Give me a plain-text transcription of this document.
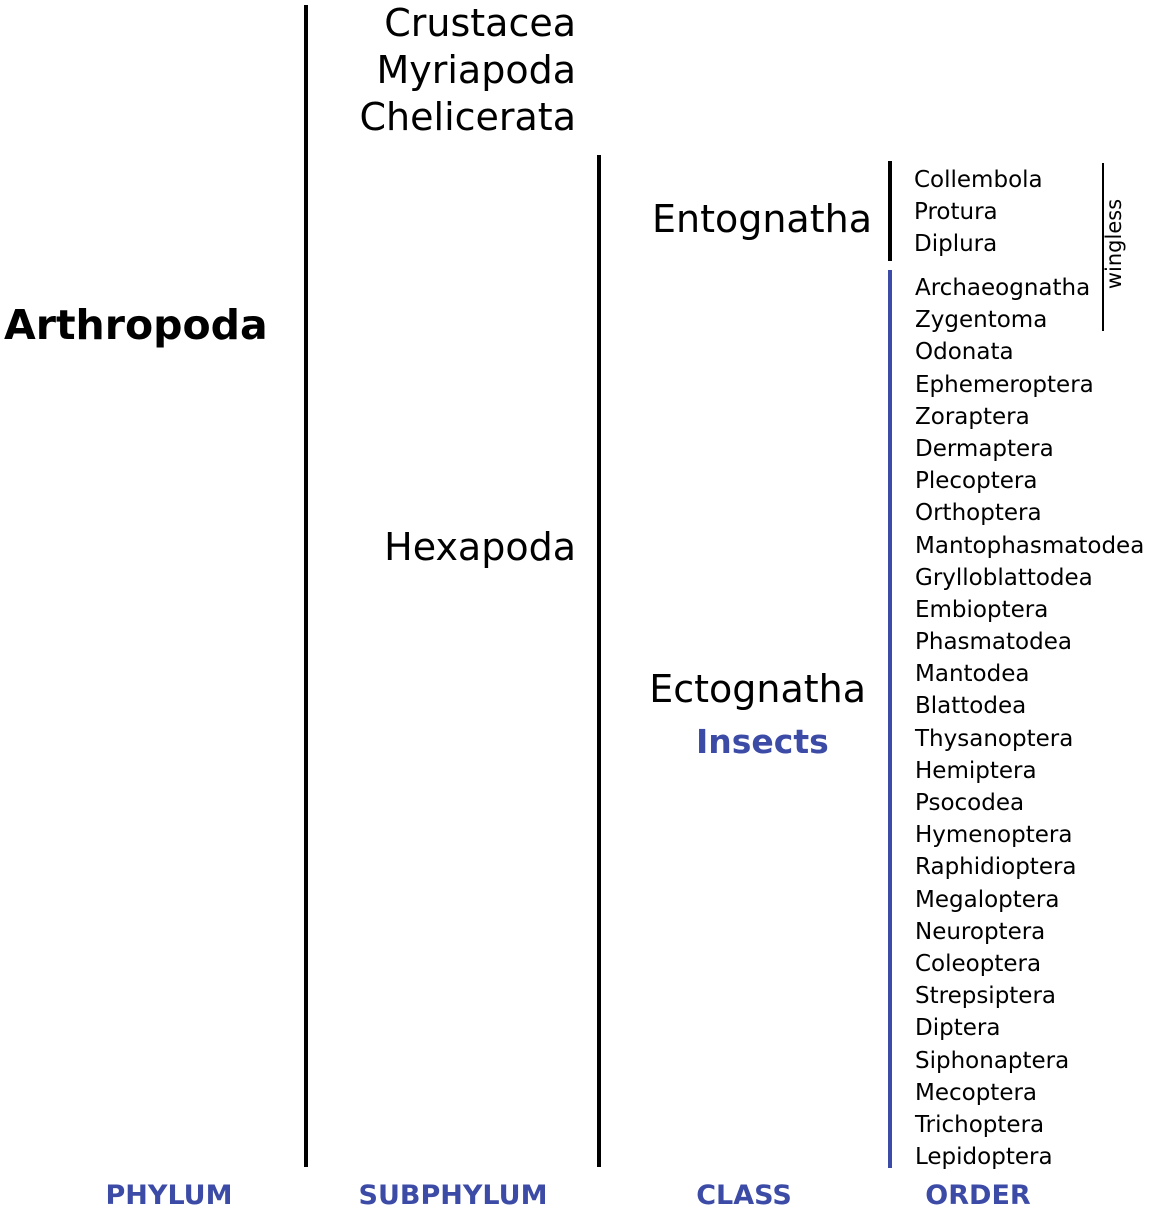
Arthropoda
Crustacea
Myriapoda
Chelicerata
Hexapoda
Entognatha
Ectognatha
Insects
Collembola
Protura
Diplura
Archaeognatha
Zygentoma
Odonata
Ephemeroptera
Zoraptera
Dermaptera
Plecoptera
Orthoptera
Mantophasmatodea
Grylloblattodea
Embioptera
Phasmatodea
Mantodea
Blattodea
Thysanoptera
Hemiptera
Psocodea
Hymenoptera
Raphidioptera
Megaloptera
Neuroptera
Coleoptera
Strepsiptera
Diptera
Siphonaptera
Mecoptera
Trichoptera
Lepidoptera
wingless
PHYLUM	SUBPHYLUM	CLASS	ORDER
